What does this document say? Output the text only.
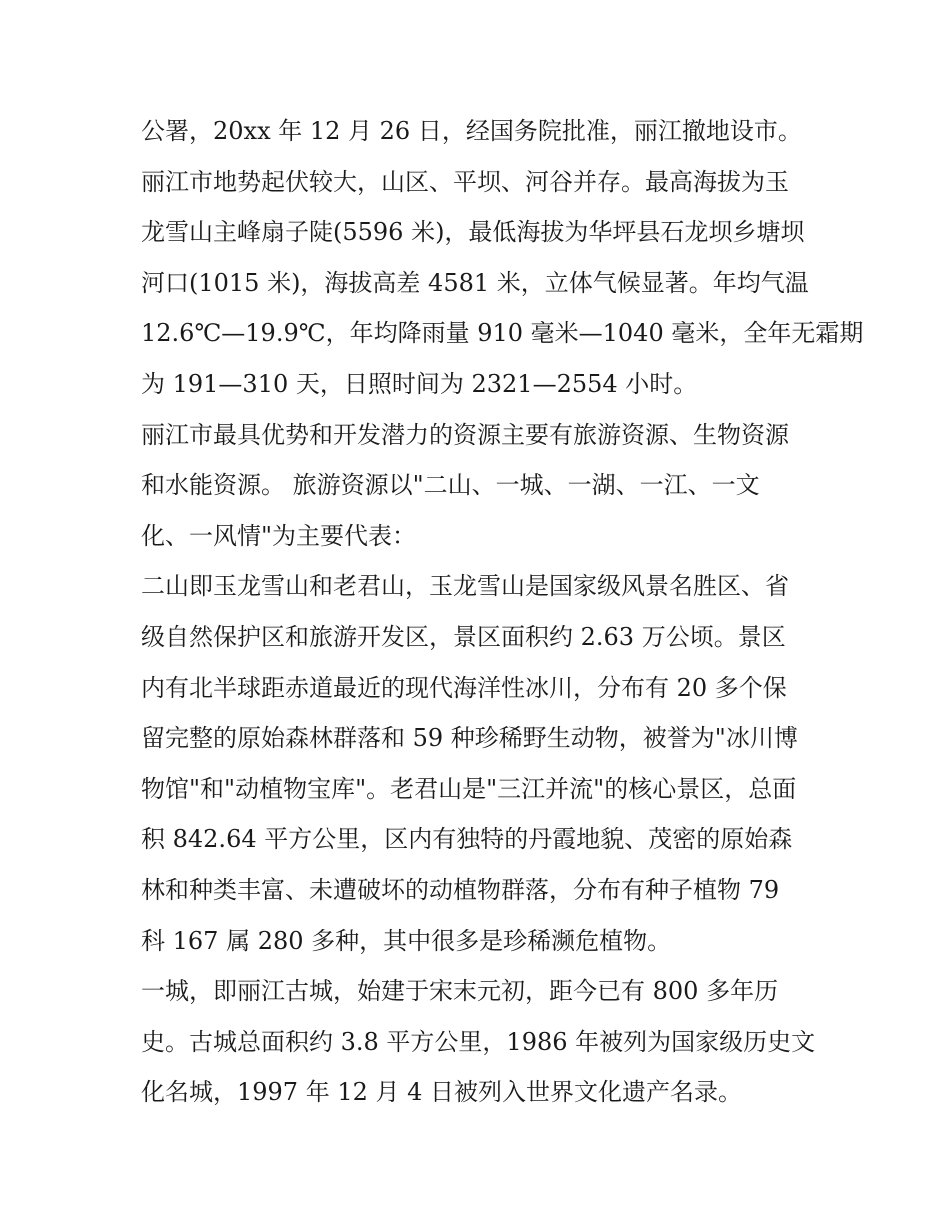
公署，20xx 年 12 月 26 日，经国务院批准，丽江撤地设市。
丽江市地势起伏较大，山区、平坝、河谷并存。最高海拔为玉
龙雪山主峰扇子陡(5596 米)，最低海拔为华坪县石龙坝乡塘坝
河口(1015 米)，海拔高差 4581 米，立体气候显著。年均气温
12.6℃—19.9℃，年均降雨量 910 毫米—1040 毫米，全年无霜期
为 191—310 天，日照时间为 2321—2554 小时。
丽江市最具优势和开发潜力的资源主要有旅游资源、生物资源
和水能资源。 旅游资源以"二山、一城、一湖、一江、一文
化、一风情"为主要代表：
二山即玉龙雪山和老君山，玉龙雪山是国家级风景名胜区、省
级自然保护区和旅游开发区，景区面积约 2.63 万公顷。景区
内有北半球距赤道最近的现代海洋性冰川，分布有 20 多个保
留完整的原始森林群落和 59 种珍稀野生动物，被誉为"冰川博
物馆"和"动植物宝库"。老君山是"三江并流"的核心景区，总面
积 842.64 平方公里，区内有独特的丹霞地貌、茂密的原始森
林和种类丰富、未遭破坏的动植物群落，分布有种子植物 79
科 167 属 280 多种，其中很多是珍稀濒危植物。
一城，即丽江古城，始建于宋末元初，距今已有 800 多年历
史。古城总面积约 3.8 平方公里，1986 年被列为国家级历史文
化名城，1997 年 12 月 4 日被列入世界文化遗产名录。
